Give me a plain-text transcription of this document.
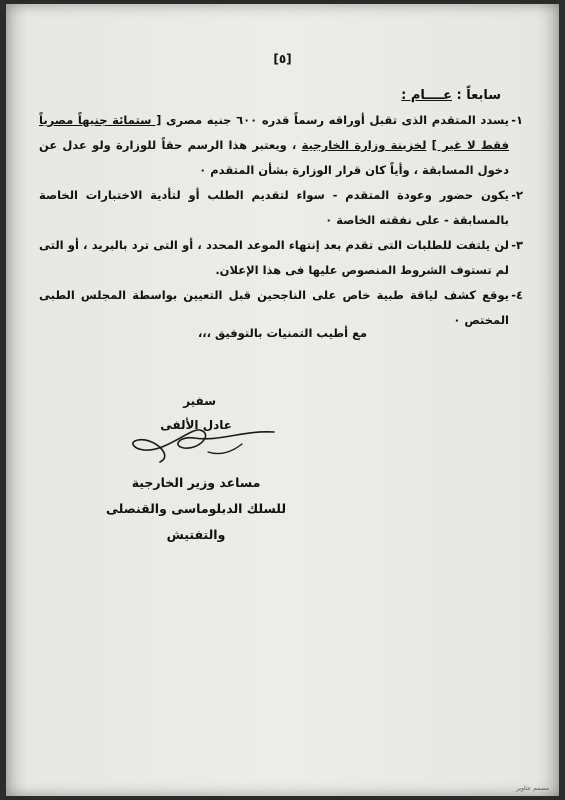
[٥]
سابعاً : عــــام :

١-
يسدد المتقدم الذى تقبل أوراقه رسماً قدره ٦٠٠ جنيه مصرى [ ستمائة جنيهاً مصرياً فقط لا غير ] لخزينة وزارة الخارجية ، ويعتبر هذا الرسم حقاً للوزارة ولو عدل عن دخول المسابقة ، وأياً كان قرار الوزارة بشأن المتقدم ٠

٢-
يكون حضور وعودة المتقدم - سواء لتقديم الطلب أو لتأدية الاختبارات الخاصة بالمسابقة - على نفقته الخاصة ٠

٣-
لن يلتفت للطلبات التى تقدم بعد إنتهاء الموعد المحدد ، أو التى ترد بالبريد ، أو التى لم تستوف الشروط المنصوص عليها فى هذا الإعلان.

٤-
يوقع كشف لياقة طبية خاص على الناجحين قبل التعيين بواسطة المجلس الطبى المختص ٠

مع أطيب التمنيات بالتوفيق ،،،
سفير
عادل الألفى
مساعد وزير الخارجية
للسلك الدبلوماسى والقنصلى والتفتيش
مصمم عثاوير
